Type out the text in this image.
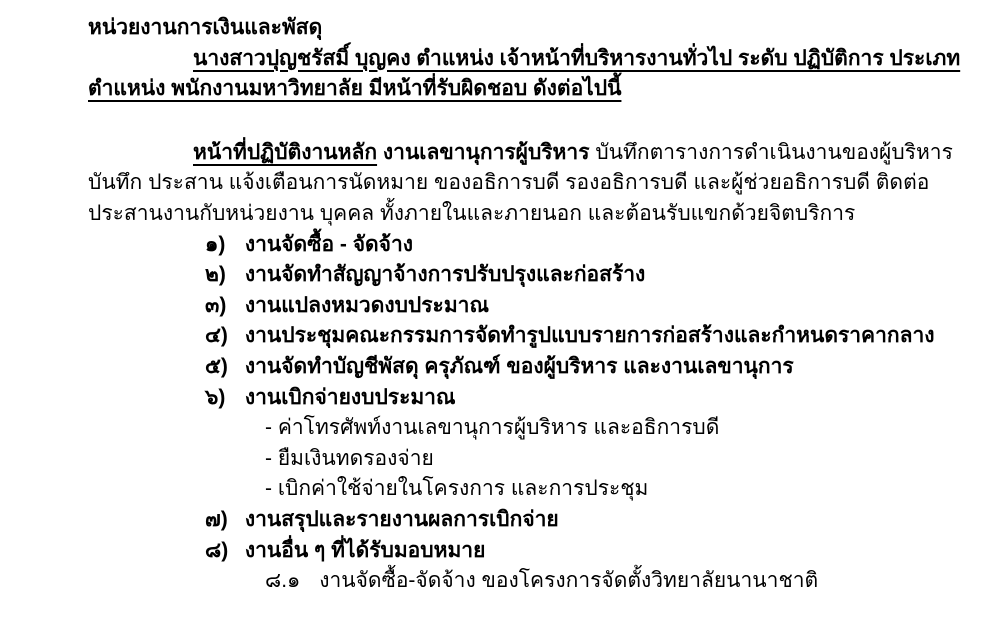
หน่วยงานการเงินและพัสดุ
นางสาวปุญชรัสมิ์ บุญคง ตำแหน่ง เจ้าหน้าที่บริหารงานทั่วไป ระดับ ปฏิบัติการ ประเภท
ตำแหน่ง พนักงานมหาวิทยาลัย มีหน้าที่รับผิดชอบ ดังต่อไปนี้
หน้าที่ปฏิบัติงานหลัก งานเลขานุการผู้บริหาร บันทึกตารางการดำเนินงานของผู้บริหาร
บันทึก ประสาน แจ้งเตือนการนัดหมาย ของอธิการบดี รองอธิการบดี และผู้ช่วยอธิการบดี ติดต่อ
ประสานงานกับหน่วยงาน บุคคล ทั้งภายในและภายนอก และต้อนรับแขกด้วยจิตบริการ
๑) งานจัดซื้อ - จัดจ้าง
๒) งานจัดทำสัญญาจ้างการปรับปรุงและก่อสร้าง
๓) งานแปลงหมวดงบประมาณ
๔) งานประชุมคณะกรรมการจัดทำรูปแบบรายการก่อสร้างและกำหนดราคากลาง
๕) งานจัดทำบัญชีพัสดุ ครุภัณฑ์ ของผู้บริหาร และงานเลขานุการ
๖) งานเบิกจ่ายงบประมาณ
- ค่าโทรศัพท์งานเลขานุการผู้บริหาร และอธิการบดี
- ยืมเงินทดรองจ่าย
- เบิกค่าใช้จ่ายในโครงการ และการประชุม
๗) งานสรุปและรายงานผลการเบิกจ่าย
๘) งานอื่น ๆ ที่ได้รับมอบหมาย
๘.๑ งานจัดซื้อ-จัดจ้าง ของโครงการจัดตั้งวิทยาลัยนานาชาติ
